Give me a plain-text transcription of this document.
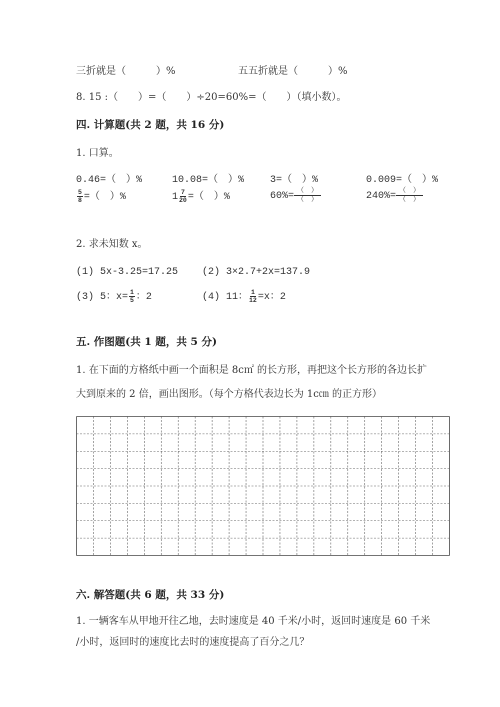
三折就是（　　　）%	五五折就是（　　　）%
8. 15 :（　　）=（　　）÷20=60%=（　　）（填小数）。
四. 计算题(共 2 题，共 16 分)
1. 口算。
0.46=（　）%	10.08=（　）%	3=（　）%	0.009=（　）%
$\frac{5}{8}$ =（　）%	$1 \frac{7}{20}$ =（　）%	$60\%= \frac{( )}{( )}$	$240\%= \frac{( )}{( )}$
2. 求未知数 x。
(1) 5x-3.25=17.25 (2) 3×2.7+2x=137.9
(3) 5：$x= \frac{1}{5}$ ：2	(4) 11： $\frac{1}{12} =x$：2
五. 作图题(共 1 题，共 5 分)
1. 在下面的方格纸中画一个面积是 8c㎡ 的长方形，再把这个长方形的各边长扩
大到原来的 2 倍，画出图形。（每个方格代表边长为 1c㎝ 的正方形）
六. 解答题(共 6 题，共 33 分)
1. 一辆客车从甲地开往乙地，去时速度是 40 千米/小时，返回时速度是 60 千米
/小时，返回时的速度比去时的速度提高了百分之几？
